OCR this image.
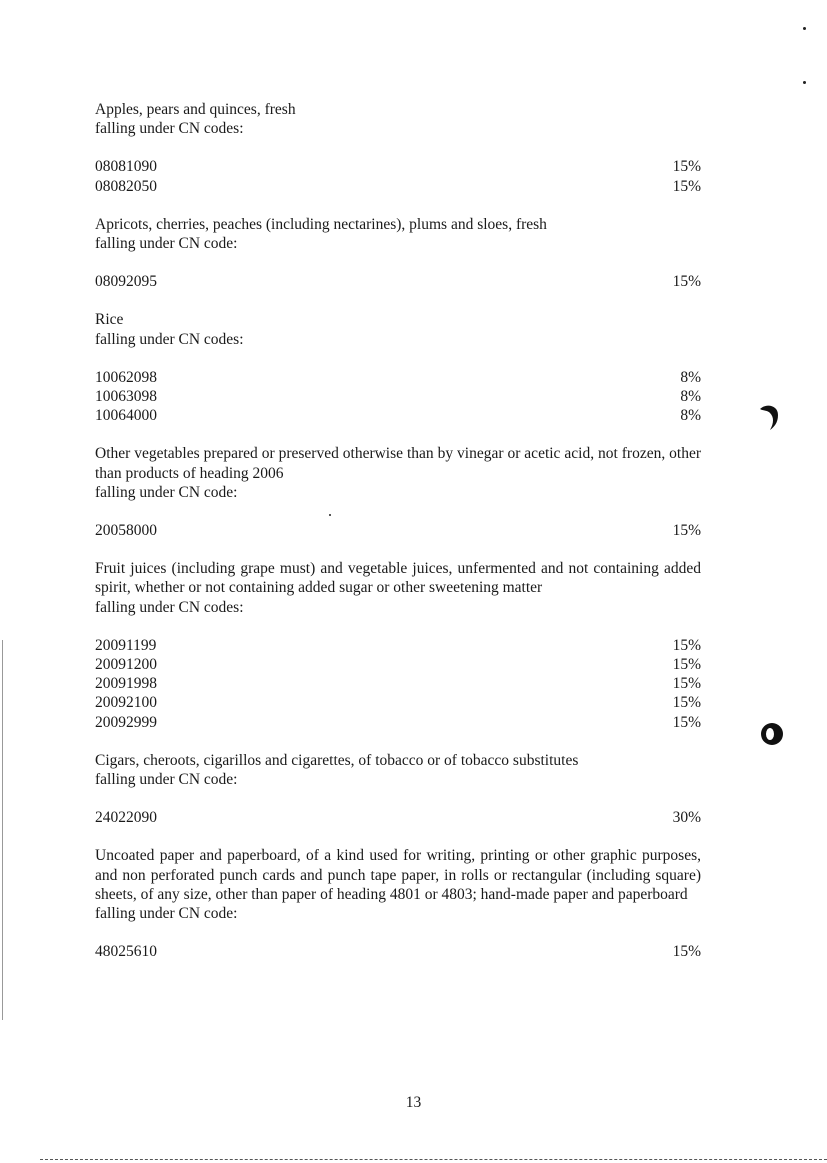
Apples, pears and quinces, fresh
falling under CN codes:
08081090	15%
08082050	15%
Apricots, cherries, peaches (including nectarines), plums and sloes, fresh
falling under CN code:
08092095	15%
Rice
falling under CN codes:
10062098	8%
10063098	8%
10064000	8%
Other vegetables prepared or preserved otherwise than by vinegar or acetic acid, not frozen, other than products of heading 2006
falling under CN code:
20058000	15%
Fruit juices (including grape must) and vegetable juices, unfermented and not containing added spirit, whether or not containing added sugar or other sweetening matter
falling under CN codes:
20091199	15%
20091200	15%
20091998	15%
20092100	15%
20092999	15%
Cigars, cheroots, cigarillos and cigarettes, of tobacco or of tobacco substitutes
falling under CN code:
24022090	30%
Uncoated paper and paperboard, of a kind used for writing, printing or other graphic purposes, and non perforated punch cards and punch tape paper, in rolls or rectangular (including square) sheets, of any size, other than paper of heading 4801 or 4803; hand-made paper and paperboard
falling under CN code:
48025610	15%
13
